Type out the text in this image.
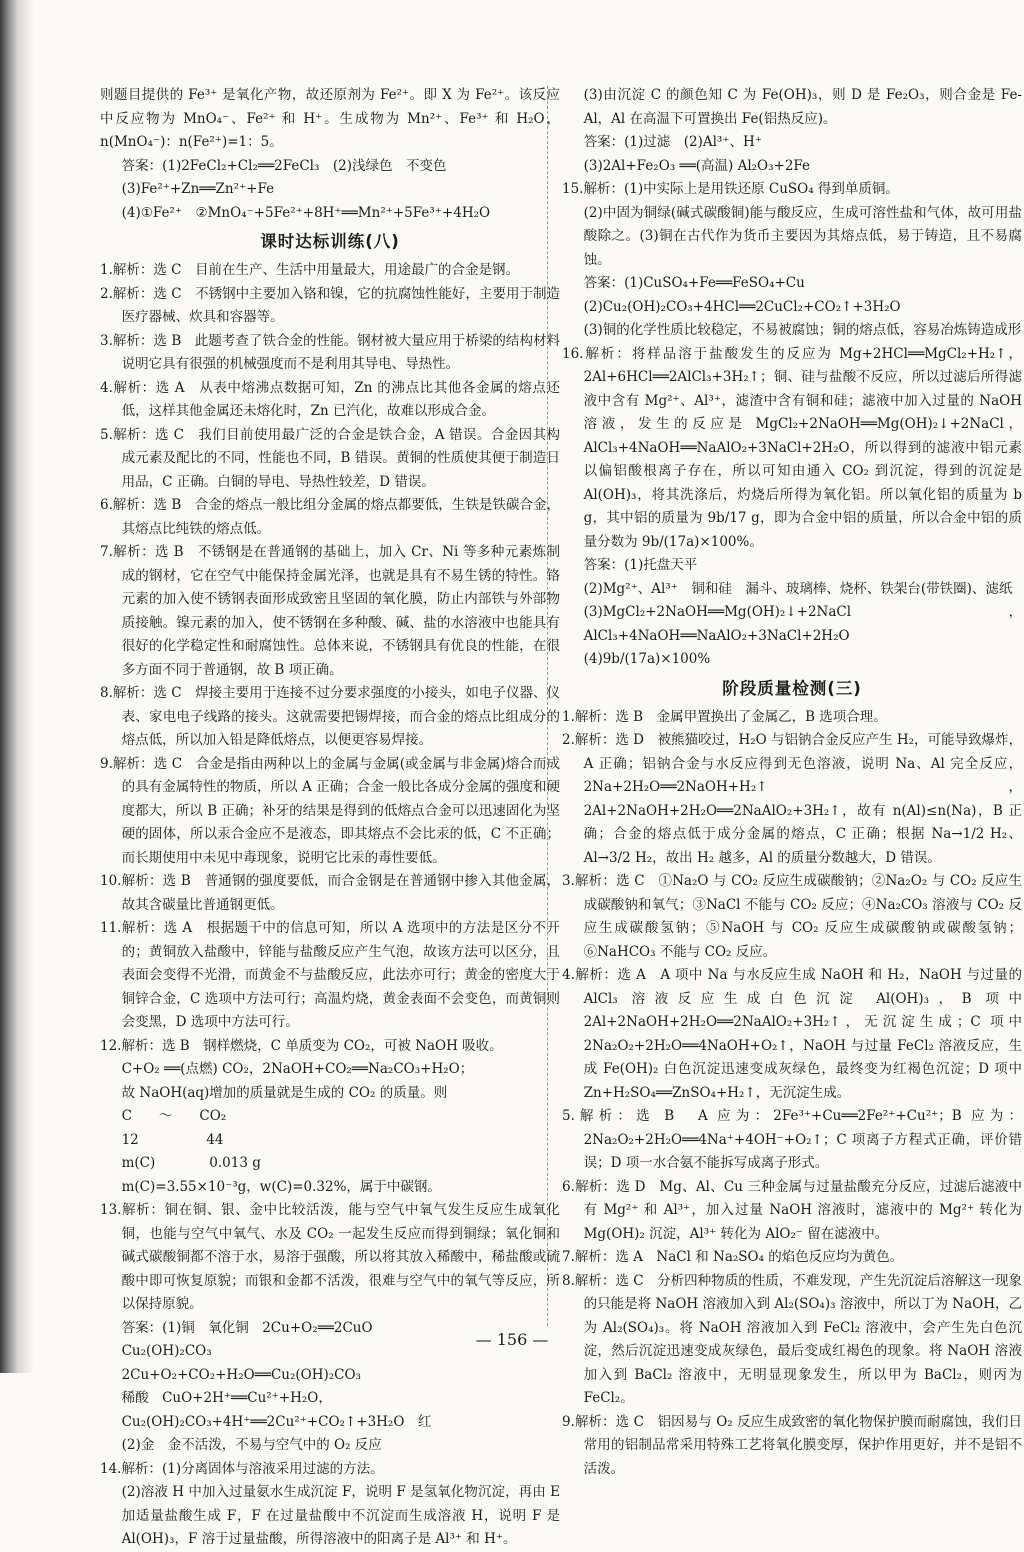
则题目提供的 Fe³⁺ 是氧化产物，故还原剂为 Fe²⁺。即 X 为 Fe²⁺。该反应中反应物为 MnO₄⁻、Fe²⁺ 和 H⁺。生成物为 Mn²⁺、Fe³⁺ 和 H₂O，n(MnO₄⁻)：n(Fe²⁺)=1：5。

答案：(1)2FeCl₂+Cl₂══2FeCl₃　(2)浅绿色　不变色

(3)Fe²⁺+Zn══Zn²⁺+Fe

(4)①Fe²⁺　②MnO₄⁻+5Fe²⁺+8H⁺══Mn²⁺+5Fe³⁺+4H₂O

课时达标训练(八)

1.解析：选 C　目前在生产、生活中用量最大，用途最广的合金是钢。

2.解析：选 C　不锈钢中主要加入铬和镍，它的抗腐蚀性能好，主要用于制造医疗器械、炊具和容器等。

3.解析：选 B　此题考查了铁合金的性能。钢材被大量应用于桥梁的结构材料说明它具有很强的机械强度而不是利用其导电、导热性。

4.解析：选 A　从表中熔沸点数据可知，Zn 的沸点比其他各金属的熔点还低，这样其他金属还未熔化时，Zn 已汽化，故难以形成合金。

5.解析：选 C　我们目前使用最广泛的合金是铁合金，A 错误。合金因其构成元素及配比的不同，性能也不同，B 错误。黄铜的性质使其便于制造日用品，C 正确。白铜的导电、导热性较差，D 错误。

6.解析：选 B　合金的熔点一般比组分金属的熔点都要低，生铁是铁碳合金，其熔点比纯铁的熔点低。

7.解析：选 B　不锈钢是在普通钢的基础上，加入 Cr、Ni 等多种元素炼制成的钢材，它在空气中能保持金属光泽，也就是具有不易生锈的特性。铬元素的加入使不锈钢表面形成致密且坚固的氧化膜，防止内部铁与外部物质接触。镍元素的加入，使不锈钢在多种酸、碱、盐的水溶液中也能具有很好的化学稳定性和耐腐蚀性。总体来说，不锈钢具有优良的性能，在很多方面不同于普通钢，故 B 项正确。

8.解析：选 C　焊接主要用于连接不过分要求强度的小接头，如电子仪器、仪表、家电电子线路的接头。这就需要把锡焊接，而合金的熔点比组成分的熔点低，所以加入铅是降低熔点，以便更容易焊接。

9.解析：选 C　合金是指由两种以上的金属与金属(或金属与非金属)熔合而成的具有金属特性的物质，所以 A 正确；合金一般比各成分金属的强度和硬度都大，所以 B 正确；补牙的结果是得到的低熔点合金可以迅速固化为坚硬的固体，所以汞合金应不是液态，即其熔点不会比汞的低，C 不正确；而长期使用中未见中毒现象，说明它比汞的毒性要低。

10.解析：选 B　普通钢的强度要低，而合金钢是在普通钢中掺入其他金属，故其含碳量比普通钢更低。

11.解析：选 A　根据题干中的信息可知，所以 A 选项中的方法是区分不开的；黄铜放入盐酸中，锌能与盐酸反应产生气泡，故该方法可以区分，且表面会变得不光滑，而黄金不与盐酸反应，此法亦可行；黄金的密度大于铜锌合金，C 选项中方法可行；高温灼烧，黄金表面不会变色，而黄铜则会变黑，D 选项中方法可行。

12.解析：选 B　钢样燃烧，C 单质变为 CO₂，可被 NaOH 吸收。

C+O₂ ══(点燃) CO₂，2NaOH+CO₂══Na₂CO₃+H₂O；

故 NaOH(aq)增加的质量就是生成的 CO₂ 的质量。则

C　　～　　CO₂

12　　　　　44

m(C)　　　　0.013 g

m(C)=3.55×10⁻³g，w(C)=0.32%，属于中碳钢。

13.解析：铜在铜、银、金中比较活泼，能与空气中氧气发生反应生成氧化铜，也能与空气中氧气、水及 CO₂ 一起发生反应而得到铜绿；氧化铜和碱式碳酸铜都不溶于水，易溶于强酸，所以将其放入稀酸中，稀盐酸或硫酸中即可恢复原貌；而银和金都不活泼，很难与空气中的氧气等反应，所以保持原貌。

答案：(1)铜　氧化铜　2Cu+O₂══2CuO

Cu₂(OH)₂CO₃

2Cu+O₂+CO₂+H₂O══Cu₂(OH)₂CO₃

稀酸　CuO+2H⁺══Cu²⁺+H₂O，

Cu₂(OH)₂CO₃+4H⁺══2Cu²⁺+CO₂↑+3H₂O　红

(2)金　金不活泼，不易与空气中的 O₂ 反应

14.解析：(1)分离固体与溶液采用过滤的方法。

(2)溶液 H 中加入过量氨水生成沉淀 F，说明 F 是氢氧化物沉淀，再由 E 加适量盐酸生成 F，F 在过量盐酸中不沉淀而生成溶液 H，说明 F 是 Al(OH)₃，F 溶于过量盐酸，所得溶液中的阳离子是 Al³⁺ 和 H⁺。

(3)由沉淀 C 的颜色知 C 为 Fe(OH)₃，则 D 是 Fe₂O₃，则合金是 Fe-Al，Al 在高温下可置换出 Fe(铝热反应)。

答案：(1)过滤　(2)Al³⁺、H⁺

(3)2Al+Fe₂O₃ ══(高温) Al₂O₃+2Fe

15.解析：(1)中实际上是用铁还原 CuSO₄ 得到单质铜。

(2)中固为铜绿(碱式碳酸铜)能与酸反应，生成可溶性盐和气体，故可用盐酸除之。(3)铜在古代作为货币主要因为其熔点低，易于铸造，且不易腐蚀。

答案：(1)CuSO₄+Fe══FeSO₄+Cu

(2)Cu₂(OH)₂CO₃+4HCl══2CuCl₂+CO₂↑+3H₂O

(3)铜的化学性质比较稳定，不易被腐蚀；铜的熔点低，容易冶炼铸造成形

16.解析：将样品溶于盐酸发生的反应为 Mg+2HCl══MgCl₂+H₂↑，2Al+6HCl══2AlCl₃+3H₂↑；铜、硅与盐酸不反应，所以过滤后所得滤液中含有 Mg²⁺、Al³⁺，滤渣中含有铜和硅；滤液中加入过量的 NaOH 溶液，发生的反应是 MgCl₂+2NaOH══Mg(OH)₂↓+2NaCl，AlCl₃+4NaOH══NaAlO₂+3NaCl+2H₂O，所以得到的滤液中铝元素以偏铝酸根离子存在，所以可知由通入 CO₂ 到沉淀，得到的沉淀是 Al(OH)₃，将其洗涤后，灼烧后所得为氧化铝。所以氧化铝的质量为 b g，其中铝的质量为 9b/17 g，即为合金中铝的质量，所以合金中铝的质量分数为 9b/(17a)×100%。

答案：(1)托盘天平

(2)Mg²⁺、Al³⁺　铜和硅　漏斗、玻璃棒、烧杯、铁架台(带铁圈)、滤纸

(3)MgCl₂+2NaOH══Mg(OH)₂↓+2NaCl，AlCl₃+4NaOH══NaAlO₂+3NaCl+2H₂O

(4)9b/(17a)×100%

阶段质量检测(三)

1.解析：选 B　金属甲置换出了金属乙，B 选项合理。

2.解析：选 D　被熊猫咬过，H₂O 与铝钠合金反应产生 H₂，可能导致爆炸，A 正确；铝钠合金与水反应得到无色溶液，说明 Na、Al 完全反应，2Na+2H₂O══2NaOH+H₂↑，2Al+2NaOH+2H₂O══2NaAlO₂+3H₂↑，故有 n(Al)≤n(Na)，B 正确；合金的熔点低于成分金属的熔点，C 正确；根据 Na→1/2 H₂、Al→3/2 H₂，故出 H₂ 越多，Al 的质量分数越大，D 错误。

3.解析：选 C　①Na₂O 与 CO₂ 反应生成碳酸钠；②Na₂O₂ 与 CO₂ 反应生成碳酸钠和氧气；③NaCl 不能与 CO₂ 反应；④Na₂CO₃ 溶液与 CO₂ 反应生成碳酸氢钠；⑤NaOH 与 CO₂ 反应生成碳酸钠或碳酸氢钠；⑥NaHCO₃ 不能与 CO₂ 反应。

4.解析：选 A　A 项中 Na 与水反应生成 NaOH 和 H₂，NaOH 与过量的 AlCl₃ 溶液反应生成白色沉淀 Al(OH)₃，B 项中 2Al+2NaOH+2H₂O══2NaAlO₂+3H₂↑，无沉淀生成；C 项中 2Na₂O₂+2H₂O══4NaOH+O₂↑，NaOH 与过量 FeCl₂ 溶液反应，生成 Fe(OH)₂ 白色沉淀迅速变成灰绿色，最终变为红褐色沉淀；D 项中 Zn+H₂SO₄══ZnSO₄+H₂↑，无沉淀生成。

5.解析：选 B　A 应为：2Fe³⁺+Cu══2Fe²⁺+Cu²⁺；B 应为：2Na₂O₂+2H₂O══4Na⁺+4OH⁻+O₂↑；C 项离子方程式正确，评价错误；D 项一水合氨不能拆写成离子形式。

6.解析：选 D　Mg、Al、Cu 三种金属与过量盐酸充分反应，过滤后滤液中有 Mg²⁺ 和 Al³⁺，加入过量 NaOH 溶液时，滤液中的 Mg²⁺ 转化为 Mg(OH)₂ 沉淀，Al³⁺ 转化为 AlO₂⁻ 留在滤液中。

7.解析：选 A　NaCl 和 Na₂SO₄ 的焰色反应均为黄色。

8.解析：选 C　分析四种物质的性质，不难发现，产生先沉淀后溶解这一现象的只能是将 NaOH 溶液加入到 Al₂(SO₄)₃ 溶液中，所以丁为 NaOH，乙为 Al₂(SO₄)₃。将 NaOH 溶液加入到 FeCl₂ 溶液中，会产生先白色沉淀，然后沉淀迅速变成灰绿色，最后变成红褐色的现象。将 NaOH 溶液加入到 BaCl₂ 溶液中，无明显现象发生，所以甲为 BaCl₂，则丙为 FeCl₂。

9.解析：选 C　铝因易与 O₂ 反应生成致密的氧化物保护膜而耐腐蚀，我们日常用的铝制品常采用特殊工艺将氧化膜变厚，保护作用更好，并不是铝不活泼。

— 156 —
